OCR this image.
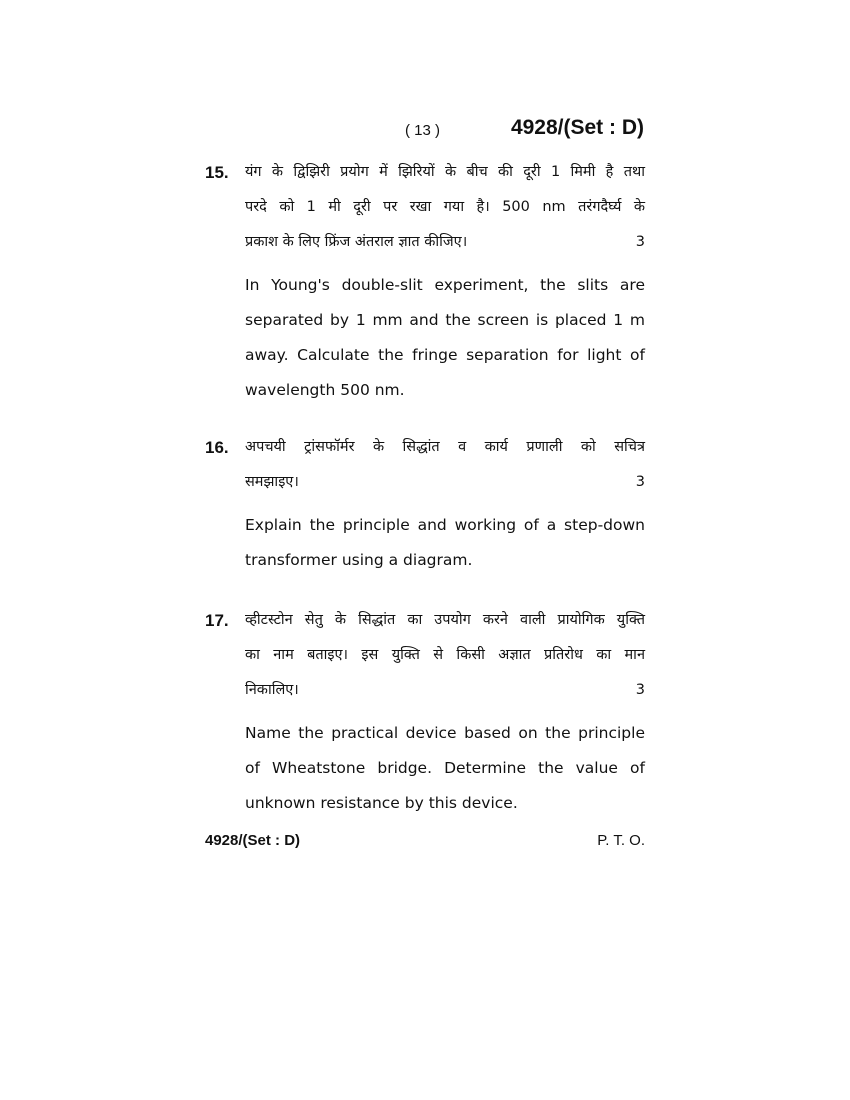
( 13 )	4928/(Set : D)
15. यंग के द्विझिरी प्रयोग में झिरियों के बीच की दूरी 1 मिमी है तथा

परदे को 1 मी दूरी पर रखा गया है। 500 nm तरंगदैर्घ्य के

प्रकाश के लिए फ्रिंज अंतराल ज्ञात कीजिए।	3

In Young's double-slit experiment, the slits are separated by 1 mm and the screen is placed 1 m away. Calculate the fringe separation for light of wavelength 500 nm.

16. अपचयी ट्रांसफॉर्मर के सिद्धांत व कार्य प्रणाली को सचित्र

समझाइए।	3

Explain the principle and working of a step-down transformer using a diagram.

17. व्हीटस्टोन सेतु के सिद्धांत का उपयोग करने वाली प्रायोगिक युक्ति

का नाम बताइए। इस युक्ति से किसी अज्ञात प्रतिरोध का मान

निकालिए।	3

Name the practical device based on the principle of Wheatstone bridge. Determine the value of unknown resistance by this device.

4928/(Set : D)	P. T. O.
